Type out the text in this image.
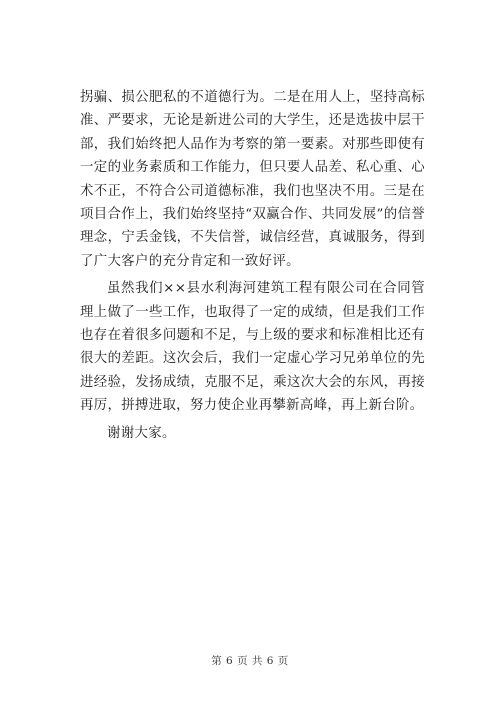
拐骗、损公肥私的不道德行为。二是在用人上，坚持高标准、严要求，无论是新进公司的大学生，还是选拔中层干部，我们始终把人品作为考察的第一要素。对那些即使有一定的业务素质和工作能力，但只要人品差、私心重、心术不正，不符合公司道德标准，我们也坚决不用。三是在项目合作上，我们始终坚持“双赢合作、共同发展”的信誉理念，宁丢金钱，不失信誉，诚信经营，真诚服务，得到了广大客户的充分肯定和一致好评。

虽然我们××县水利海河建筑工程有限公司在合同管理上做了一些工作，也取得了一定的成绩，但是我们工作也存在着很多问题和不足，与上级的要求和标准相比还有很大的差距。这次会后，我们一定虚心学习兄弟单位的先进经验，发扬成绩，克服不足，乘这次大会的东风，再接再厉，拼搏进取，努力使企业再攀新高峰，再上新台阶。

谢谢大家。

第 6 页 共 6 页
